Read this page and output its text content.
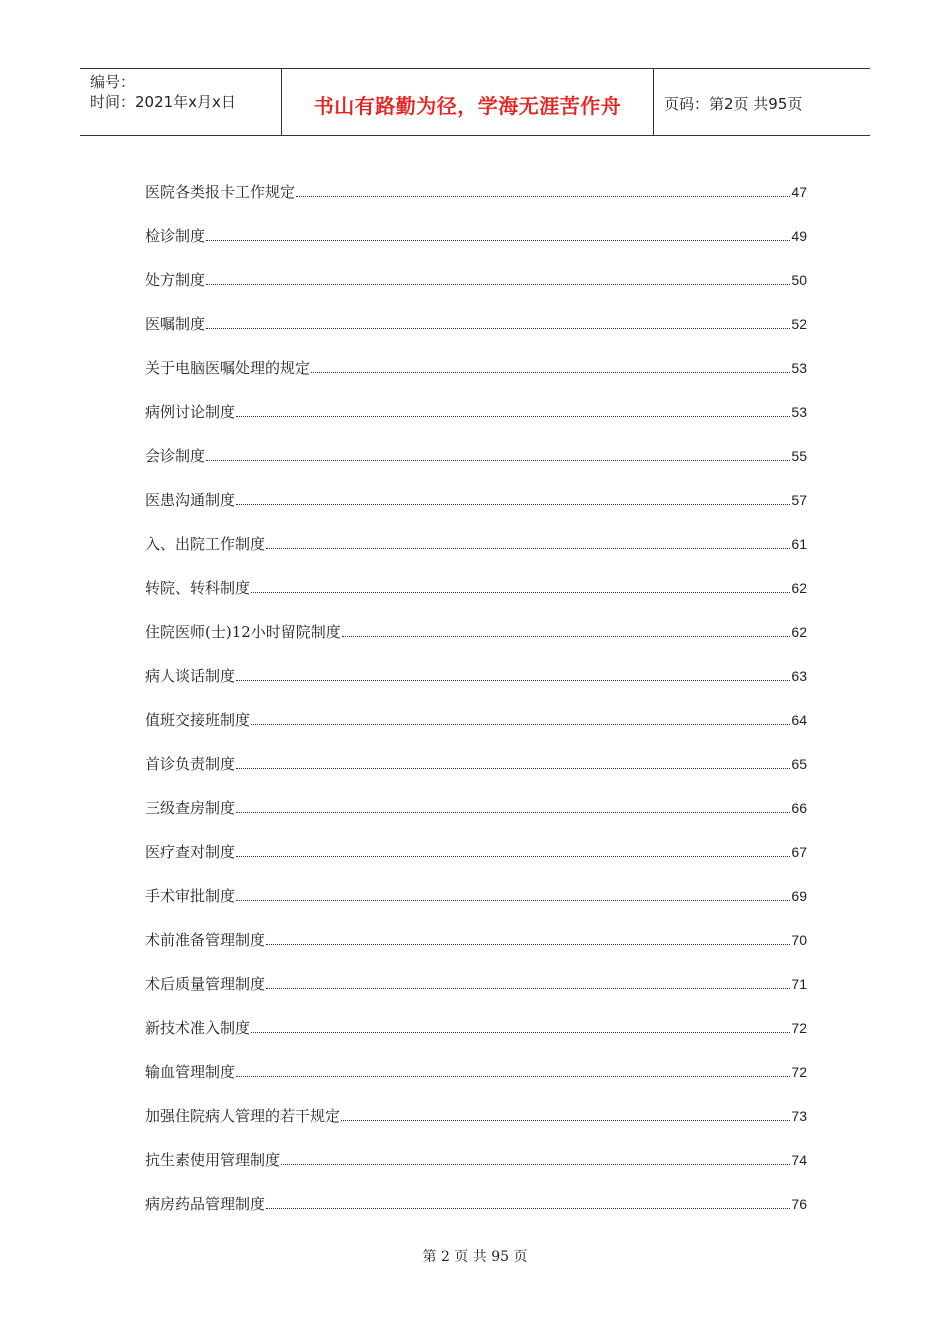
编号：
时间：2021年x月x日	书山有路勤为径，学海无涯苦作舟	页码：第2页 共95页
医院各类报卡工作规定	47
检诊制度	49
处方制度	50
医嘱制度	52
关于电脑医嘱处理的规定	53
病例讨论制度	53
会诊制度	55
医患沟通制度	57
入、出院工作制度	61
转院、转科制度	62
住院医师(士)12小时留院制度	62
病人谈话制度	63
值班交接班制度	64
首诊负责制度	65
三级查房制度	66
医疗查对制度	67
手术审批制度	69
术前准备管理制度	70
术后质量管理制度	71
新技术准入制度	72
输血管理制度	72
加强住院病人管理的若干规定	73
抗生素使用管理制度	74
病房药品管理制度	76
第 2 页 共 95 页
